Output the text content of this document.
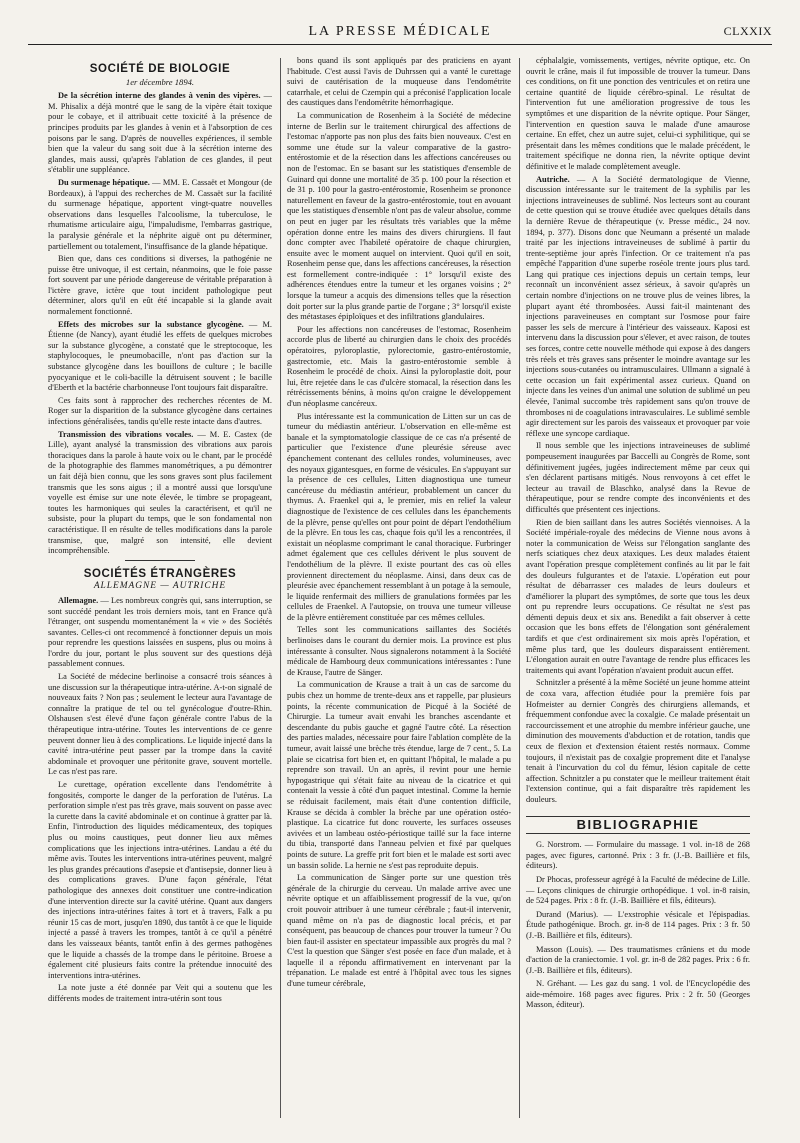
LA PRESSE MÉDICALE	CLXXIX
SOCIÉTÉ DE BIOLOGIE
1er décembre 1894.

De la sécrétion interne des glandes à venin des vipères. — M. Phisalix a déjà montré que le sang de la vipère était toxique pour le cobaye, et il attribuait cette toxicité à la présence de principes produits par les glandes à venin et à l'absorption de ces poisons par le sang. D'après de nouvelles expériences, il semble bien que la valeur du sang soit due à la sécrétion interne des glandes, mais aussi, qu'après l'ablation de ces glandes, il peut s'établir une suppléance.

Du surmenage hépatique. — MM. E. Cassaët et Mongour (de Bordeaux), à l'appui des recherches de M. Cassaët sur la facilité du surmenage hépatique, apportent vingt-quatre nouvelles observations dans lesquelles l'alcoolisme, la tuberculose, le rhumatisme articulaire aigu, l'impaludisme, l'embarras gastrique, la paralysie générale et la néphrite aiguë ont pu déterminer, partiellement ou totalement, l'insuffisance de la glande hépatique.

Bien que, dans ces conditions si diverses, la pathogénie ne puisse être univoque, il est certain, néanmoins, que le foie passe fort souvent par une période dangereuse de véritable préparation à l'ictère grave, ictère que tout incident pathologique peut déterminer, alors qu'il en eût été incapable si la glande avait normalement fonctionné.

Effets des microbes sur la substance glycogène. — M. Étienne (de Nancy), ayant étudié les effets de quelques microbes sur la substance glycogène, a constaté que le streptocoque, les staphylocoques, le pneumobacille, n'ont pas d'action sur la substance glycogène dans les bouillons de culture ; le bacille pyocyanique et le coli-bacille la détruisent souvent ; le bacille d'Eberth et la bactérie charbonneuse l'ont toujours fait disparaître.

Ces faits sont à rapprocher des recherches récentes de M. Roger sur la disparition de la substance glycogène dans certaines infections généralisées, tandis qu'elle reste intacte dans d'autres.

Transmission des vibrations vocales. — M. E. Castex (de Lille), ayant analysé la transmission des vibrations aux parois thoraciques dans la parole à haute voix ou le chant, par le procédé de la photographie des flammes manométriques, a pu démontrer un fait déjà bien connu, que les sons graves sont plus facilement transmis que les sons aigus ; il a montré aussi que lorsqu'une voyelle est émise sur une note élevée, le timbre se propageant, toutes les harmoniques qui seules la caractérisent, et qu'il ne subsiste, pour la plupart du temps, que le son fondamental non caractéristique. Il en résulte de telles modifications dans la parole transmise, que, malgré son intensité, elle devient incompréhensible.

SOCIÉTÉS ÉTRANGÈRES
ALLEMAGNE — AUTRICHE

Allemagne. — Les nombreux congrès qui, sans interruption, se sont succédé pendant les trois derniers mois, tant en France qu'à l'étranger, ont suspendu momentanément la « vie » des Sociétés savantes. Celles-ci ont recommencé à fonctionner depuis un mois pour reprendre les questions laissées en suspens, plus ou moins à l'ordre du jour, portant le plus souvent sur des questions déjà passablement connues.

La Société de médecine berlinoise a consacré trois séances à une discussion sur la thérapeutique intra-utérine. A-t-on signalé de nouveaux faits ? Non pas ; seulement le lecteur aura l'avantage de connaître la pratique de tel ou tel gynécologue d'outre-Rhin. Olshausen s'est élevé d'une façon générale contre l'abus de la thérapeutique intra-utérine. Toutes les interventions de ce genre peuvent donner lieu à des complications. Le liquide injecté dans la cavité intra-utérine peut passer par la trompe dans la cavité abdominale et provoquer une péritonite grave, souvent mortelle. Le cas n'est pas rare.

Le curettage, opération excellente dans l'endométrite à fongosités, comporte le danger de la perforation de l'utérus. La perforation simple n'est pas très grave, mais souvent on passe avec la curette dans la cavité abdominale et on continue à gratter par là. Enfin, l'introduction des liquides médicamenteux, des topiques plus ou moins caustiques, peut donner lieu aux mêmes complications que les injections intra-utérines. Landau a été du même avis. Toutes les interventions intra-utérines peuvent, malgré les plus grandes précautions d'asepsie et d'antisepsie, donner lieu à des complications graves. D'une façon générale, l'état pathologique des annexes doit constituer une contre-indication d'une intervention directe sur la cavité utérine. Quant aux dangers des injections intra-utérines faites à tort et à travers, Falk a pu réunir 15 cas de mort, jusqu'en 1890, dus tantôt à ce que le liquide injecté a passé à travers les trompes, tantôt à ce qu'il a pénétré dans les vaisseaux béants, tantôt enfin à des germes pathogènes que le liquide a chassés de la trompe dans le péritoine. Broese a également cité plusieurs faits contre la prétendue innocuité des interventions intra-utérines.

La note juste a été donnée par Veit qui a soutenu que les différents modes de traitement intra-utérin sont tous

bons quand ils sont appliqués par des praticiens en ayant l'habitude. C'est aussi l'avis de Duhrssen qui a vanté le curettage suivi de cautérisation de la muqueuse dans l'endométrite catarrhale, et celui de Czempin qui a préconisé l'application locale des caustiques dans l'endométrite hémorrhagique.

La communication de Rosenheim à la Société de médecine interne de Berlin sur le traitement chirurgical des affections de l'estomac n'apporte pas non plus des faits bien nouveaux. C'est en somme une étude sur la valeur comparative de la gastro-entérostomie et de la résection dans les affections cancéreuses ou non de l'estomac. En se basant sur les statistiques d'ensemble de Guinard qui donne une mortalité de 35 p. 100 pour la résection et de 31 p. 100 pour la gastro-entérostomie, Rosenheim se prononce naturellement en faveur de la gastro-entérostomie, tout en avouant que les statistiques d'ensemble n'ont pas de valeur absolue, comme on peut en juger par les résultats très variables que la même opération donne entre les mains des divers chirurgiens. Il faut donc compter avec l'habileté opératoire de chaque chirurgien, ensuite avec le moment auquel on intervient. Quoi qu'il en soit, Rosenheim pense que, dans les affections cancéreuses, la résection est formellement contre-indiquée : 1° lorsqu'il existe des adhérences étendues entre la tumeur et les organes voisins ; 2° lorsque la tumeur a acquis des dimensions telles que la résection doit porter sur la plus grande partie de l'organe ; 3° lorsqu'il existe des métastases épiploïques et des infiltrations glandulaires.

Pour les affections non cancéreuses de l'estomac, Rosenheim accorde plus de liberté au chirurgien dans le choix des procédés opératoires, pyloroplastie, pylorectomie, gastro-entérostomie, gastrectomie, etc. Mais la gastro-entérostomie semble à Rosenheim le procédé de choix. Ainsi la pyloroplastie doit, pour lui, être rejetée dans le cas d'ulcère stomacal, la résection dans les rétrécissements bénins, à moins qu'on craigne le développement d'un néoplasme cancéreux.

Plus intéressante est la communication de Litten sur un cas de tumeur du médiastin antérieur. L'observation en elle-même est banale et la symptomatologie classique de ce cas n'a présenté de particulier que l'existence d'une pleurésie séreuse avec épanchement contenant des cellules rondes, volumineuses, avec des noyaux gigantesques, en forme de vésicules. En s'appuyant sur la présence de ces cellules, Litten diagnostiqua une tumeur cancéreuse du médiastin antérieur, probablement un cancer du thymus. A. Fraenkel qui a, le premier, mis en relief la valeur diagnostique de l'existence de ces cellules dans les épanchements de la plèvre, pense qu'elles ont pour point de départ l'endothélium de la plèvre. En tous les cas, chaque fois qu'il les a rencontrées, il existait un néoplasme comprimant le canal thoracique. Furbringer admet également que ces cellules dérivent le plus souvent de l'endothélium de la plèvre. Il existe pourtant des cas où elles proviennent directement du néoplasme. Ainsi, dans deux cas de pleurésie avec épanchement ressemblant à un potage à la semoule, le liquide renfermait des milliers de granulations formées par les cellules de Fraenkel. A l'autopsie, on trouva une tumeur villeuse de la plèvre entièrement constituée par ces mêmes cellules.

Telles sont les communications saillantes des Sociétés berlinoises dans le courant du dernier mois. La province est plus intéressante à consulter. Nous signalerons notamment à la Société médicale de Hambourg deux communications intéressantes : l'une de Krause, l'autre de Sänger.

La communication de Krause a trait à un cas de sarcome du pubis chez un homme de trente-deux ans et rappelle, par plusieurs points, la récente communication de Picqué à la Société de Chirurgie. La tumeur avait envahi les branches ascendante et descendante du pubis gauche et gagné l'autre côté. La résection des parties malades, nécessaire pour faire l'ablation complète de la tumeur, avait laissé une brèche très étendue, large de 7 cent., 5. La plaie se cicatrisa fort bien et, en quittant l'hôpital, le malade a pu reprendre son travail. Un an après, il revint pour une hernie hypogastrique qui s'était faite au niveau de la cicatrice et qui contenait la vessie à côté d'un paquet intestinal. Comme la hernie se réduisait facilement, mais était d'une contention difficile, Krause se décida à combler la brèche par une opération ostéo-plastique. La cicatrice fut donc rouverte, les surfaces osseuses avivées et un lambeau ostéo-périostique taillé sur la face interne du tibia, transporté dans l'anneau pelvien et fixé par quelques points de suture. La greffe prit fort bien et le malade est sorti avec un bassin solide. La hernie ne s'est pas reproduite depuis.

La communication de Sänger porte sur une question très générale de la chirurgie du cerveau. Un malade arrive avec une névrite optique et un affaiblissement progressif de la vue, qu'on croit pouvoir attribuer à une tumeur cérébrale ; faut-il intervenir, quand même on n'a pas de diagnostic local précis, et par conséquent, pas beaucoup de chances pour trouver la tumeur ? Ou bien faut-il assister en spectateur impassible aux progrès du mal ? C'est la question que Sänger s'est posée en face d'un malade, et à laquelle il a répondu affirmativement en intervenant par la trépanation. Le malade est entré à l'hôpital avec tous les signes d'une tumeur cérébrale,

céphalalgie, vomissements, vertiges, névrite optique, etc. On ouvrit le crâne, mais il fut impossible de trouver la tumeur. Dans ces conditions, on fit une ponction des ventricules et on retira une certaine quantité de liquide cérébro-spinal. Le résultat de l'intervention fut une amélioration progressive de tous les symptômes et une disparition de la névrite optique. Pour Sänger, l'intervention en question sauva le malade d'une amaurose certaine. En effet, chez un autre sujet, celui-ci syphilitique, qui se présentait dans les mêmes conditions que le malade précédent, le traitement spécifique ne donna rien, la névrite optique devint définitive et le malade complètement aveugle.

Autriche. — A la Société dermatologique de Vienne, discussion intéressante sur le traitement de la syphilis par les injections intraveineuses de sublimé. Nos lecteurs sont au courant de cette question qui se trouve étudiée avec quelques détails dans la dernière Revue de thérapeutique (v. Presse médic., 24 nov. 1894, p. 377). Disons donc que Neumann a présenté un malade traité par les injections intraveineuses de sublimé à partir du trente-septième jour après l'infection. Or ce traitement n'a pas empêché l'apparition d'une superbe roséole trente jours plus tard. Lang qui pratique ces injections depuis un certain temps, leur reconnaît un inconvénient assez sérieux, à savoir qu'après un certain nombre d'injections on ne trouve plus de veines libres, la plupart ayant été thrombosées. Aussi fait-il maintenant des injections paraveineuses en comptant sur l'osmose pour faire passer les sels de mercure à l'intérieur des vaisseaux. Kaposi est intervenu dans la discussion pour s'élever, et avec raison, de toutes ses forces, contre cette nouvelle méthode qui expose à des dangers très réels et très graves sans présenter le moindre avantage sur les injections sous-cutanées ou intramusculaires. Ullmann a signalé à cette occasion un fait expérimental assez curieux. Quand on injecte dans les veines d'un animal une solution de sublimé un peu élevée, l'animal succombe très rapidement sans qu'on trouve de thromboses ni de coagulations intravasculaires. Le sublimé semble agir directement sur les parois des vaisseaux et provoquer par voie réflexe une syncope cardiaque.

Il nous semble que les injections intraveineuses de sublimé pompeusement inaugurées par Baccelli au Congrès de Rome, sont définitivement jugées, jugées indirectement même par ceux qui s'en déclarent partisans mitigés. Nous renvoyons à cet effet le lecteur au travail de Blaschko, analysé dans la Revue de thérapeutique, pour se rendre compte des inconvénients et des difficultés que présentent ces injections.

Rien de bien saillant dans les autres Sociétés viennoises. A la Société impériale-royale des médecins de Vienne nous avons à noter la communication de Weiss sur l'élongation sanglante des nerfs sciatiques chez deux ataxiques. Les deux malades étaient avant l'opération presque complètement confinés au lit par le fait des douleurs fulgurantes et de l'ataxie. L'opération eut pour résultat de débarrasser ces malades de leurs douleurs et d'améliorer la plupart des symptômes, de sorte que tous les deux ont pu reprendre leurs occupations. Ce résultat ne s'est pas démenti depuis deux et six ans. Benedikt a fait observer à cette occasion que les bons effets de l'élongation sont généralement tardifs et que c'est ordinairement six mois après l'opération, et même plus tard, que les douleurs disparaissent entièrement. L'élongation aurait en outre l'avantage de rendre plus efficaces les traitements qui avant l'opération n'avaient produit aucun effet.

Schnitzler a présenté à la même Société un jeune homme atteint de coxa vara, affection étudiée pour la première fois par Hofmeister au dernier Congrès des chirurgiens allemands, et fréquemment confondue avec la coxalgie. Ce malade présentait un raccourcissement et une atrophie du membre inférieur gauche, une diminution des mouvements d'abduction et de rotation, tandis que ceux de flexion et d'extension étaient restés normaux. Comme toujours, il n'existait pas de coxalgie proprement dite et l'analyse tenait à l'incurvation du col du fémur, lésion capitale de cette affection. Schnitzler a pu constater que le meilleur traitement était l'extension continue, qui a fait disparaître très rapidement les douleurs.

BIBLIOGRAPHIE

G. Norstrom. — Formulaire du massage. 1 vol. in-18 de 268 pages, avec figures, cartonné. Prix : 3 fr. (J.-B. Baillière et fils, éditeurs).

Dr Phocas, professeur agrégé à la Faculté de médecine de Lille. — Leçons cliniques de chirurgie orthopédique. 1 vol. in-8 raisin, de 524 pages. Prix : 8 fr. (J.-B. Baillière et fils, éditeurs).

Durand (Marius). — L'exstrophie vésicale et l'épispadias. Étude pathogénique. Broch. gr. in-8 de 114 pages. Prix : 3 fr. 50 (J.-B. Baillière et fils, éditeurs).

Masson (Louis). — Des traumatismes crâniens et du mode d'action de la craniectomie. 1 vol. gr. in-8 de 282 pages. Prix : 6 fr. (J.-B. Baillière et fils, éditeurs).

N. Gréhant. — Les gaz du sang. 1 vol. de l'Encyclopédie des aide-mémoire. 168 pages avec figures. Prix : 2 fr. 50 (Georges Masson, éditeur).
